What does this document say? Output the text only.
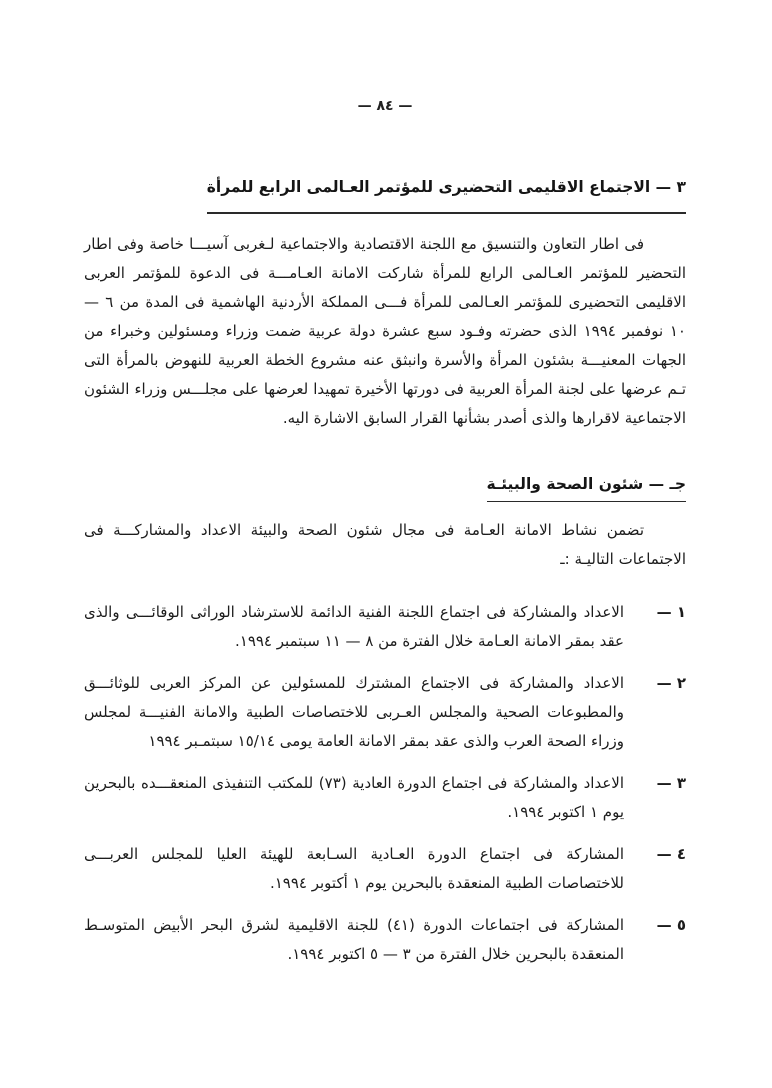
— ٨٤ —
٣ — الاجتماع الاقليمى التحضيرى للمؤتمر العـالمى الرابع للمرأة

فى اطار التعاون والتنسيق مع اللجنة الاقتصادية والاجتماعية لـغربى آسيـــا خاصة وفى اطار التحضير للمؤتمر العـالمى الرابع للمرأة شاركت الامانة العـامـــة فى الدعوة للمؤتمر العربى الاقليمى التحضيرى للمؤتمر العـالمى للمرأة فـــى المملكة الأردنية الهاشمية فى المدة من ٦ — ١٠ نوفمبر ١٩٩٤ الذى حضرته وفـود سبع عشرة دولة عربية ضمت وزراء ومسئولين وخبراء من الجهات المعنيـــة بشئون المرأة والأسرة وانبثق عنه مشروع الخطة العربية للنهوض بالمرأة التى تـم عرضها على لجنة المرأة العربية فى دورتها الأخيرة تمهيدا لعرضها على مجلـــس وزراء الشئون الاجتماعية لاقرارها والذى أصدر بشأنها القرار السابق الاشارة اليه.

جـ — شئون الصحة والبيئـة

تضمن نشاط الامانة العـامة فى مجال شئون الصحة والبيئة الاعداد والمشاركـــة فى الاجتماعات التاليـة :ـ

١ —
الاعداد والمشاركة فى اجتماع اللجنة الفنية الدائمة للاسترشاد الوراثى الوقائـــى والذى عقد بمقر الامانة العـامة خلال الفترة من ٨ — ١١ سبتمبر ١٩٩٤.
٢ —
الاعداد والمشاركة فى الاجتماع المشترك للمسئولين عن المركز العربى للوثائـــق والمطبوعات الصحية والمجلس العـربى للاختصاصات الطبية والامانة الفنيـــة لمجلس وزراء الصحة العرب والذى عقد بمقر الامانة العامة يومى ١٥/١٤ سبتمـبر ١٩٩٤
٣ —
الاعداد والمشاركة فى اجتماع الدورة العادية (٧٣) للمكتب التنفيذى المنعقـــده بالبحرين يوم ١ اكتوبر ١٩٩٤.
٤ —
المشاركة فى اجتماع الدورة العـادية السـابعة للهيئة العليا للمجلس العربـــى للاختصاصات الطبية المنعقدة بالبحرين يوم ١ أكتوبر ١٩٩٤.
٥ —
المشاركة فى اجتماعات الدورة (٤١) للجنة الاقليمية لشرق البحر الأبيض المتوسـط المنعقدة بالبحرين خلال الفترة من ٣ — ٥ اكتوبر ١٩٩٤.
